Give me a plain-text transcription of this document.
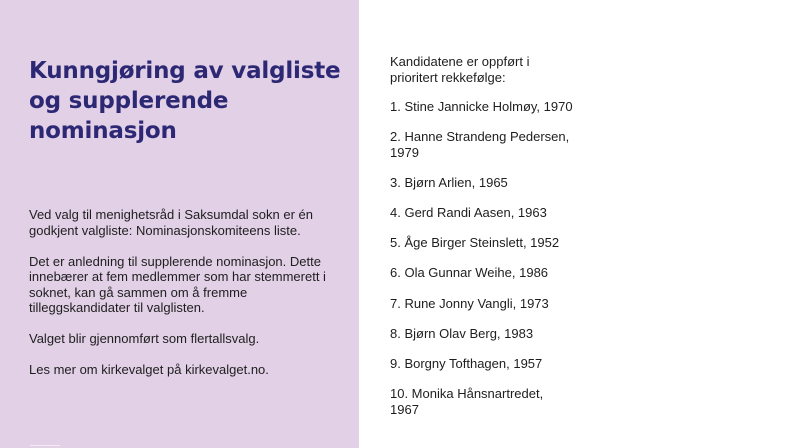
Kunngjøring av valgliste og supplerende nominasjon

Ved valg til menighetsråd i Saksumdal sokn er én godkjent valgliste: Nominasjonskomiteens liste.

Det er anledning til supplerende nominasjon. Dette innebærer at fem medlemmer som har stemmerett i soknet, kan gå sammen om å fremme tilleggskandidater til valglisten.

Valget blir gjennomført som flertallsvalg.

Les mer om kirkevalget på kirkevalget.no.

Kandidatene er oppført i prioritert rekkefølge:

1. Stine Jannicke Holmøy, 1970
2. Hanne Strandeng Pedersen, 1979
3. Bjørn Arlien, 1965
4. Gerd Randi Aasen, 1963
5. Åge Birger Steinslett, 1952
6. Ola Gunnar Weihe, 1986
7. Rune Jonny Vangli, 1973
8. Bjørn Olav Berg, 1983
9. Borgny Tofthagen, 1957
10. Monika Hånsnartredet, 1967
